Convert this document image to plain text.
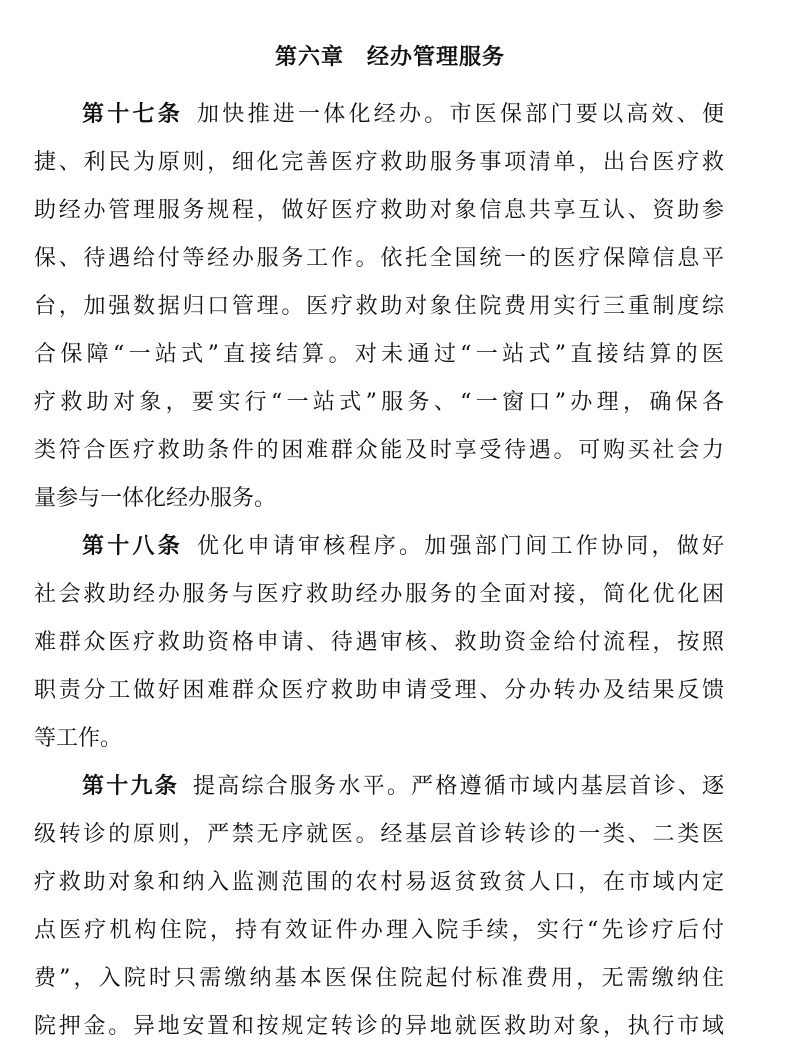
第六章　经办管理服务
第十七条 加快推进一体化经办。市医保部门要以高效、便
捷、利民为原则，细化完善医疗救助服务事项清单，出台医疗救
助经办管理服务规程，做好医疗救助对象信息共享互认、资助参
保、待遇给付等经办服务工作。依托全国统一的医疗保障信息平
台，加强数据归口管理。医疗救助对象住院费用实行三重制度综
合保障“一站式”直接结算。对未通过“一站式”直接结算的医
疗救助对象，要实行“一站式”服务、“一窗口”办理，确保各
类符合医疗救助条件的困难群众能及时享受待遇。可购买社会力
量参与一体化经办服务。
第十八条 优化申请审核程序。加强部门间工作协同，做好
社会救助经办服务与医疗救助经办服务的全面对接，简化优化困
难群众医疗救助资格申请、待遇审核、救助资金给付流程，按照
职责分工做好困难群众医疗救助申请受理、分办转办及结果反馈
等工作。
第十九条 提高综合服务水平。严格遵循市域内基层首诊、逐
级转诊的原则，严禁无序就医。经基层首诊转诊的一类、二类医
疗救助对象和纳入监测范围的农村易返贫致贫人口，在市域内定
点医疗机构住院，持有效证件办理入院手续，实行“先诊疗后付
费”，入院时只需缴纳基本医保住院起付标准费用，无需缴纳住
院押金。异地安置和按规定转诊的异地就医救助对象，执行市域
